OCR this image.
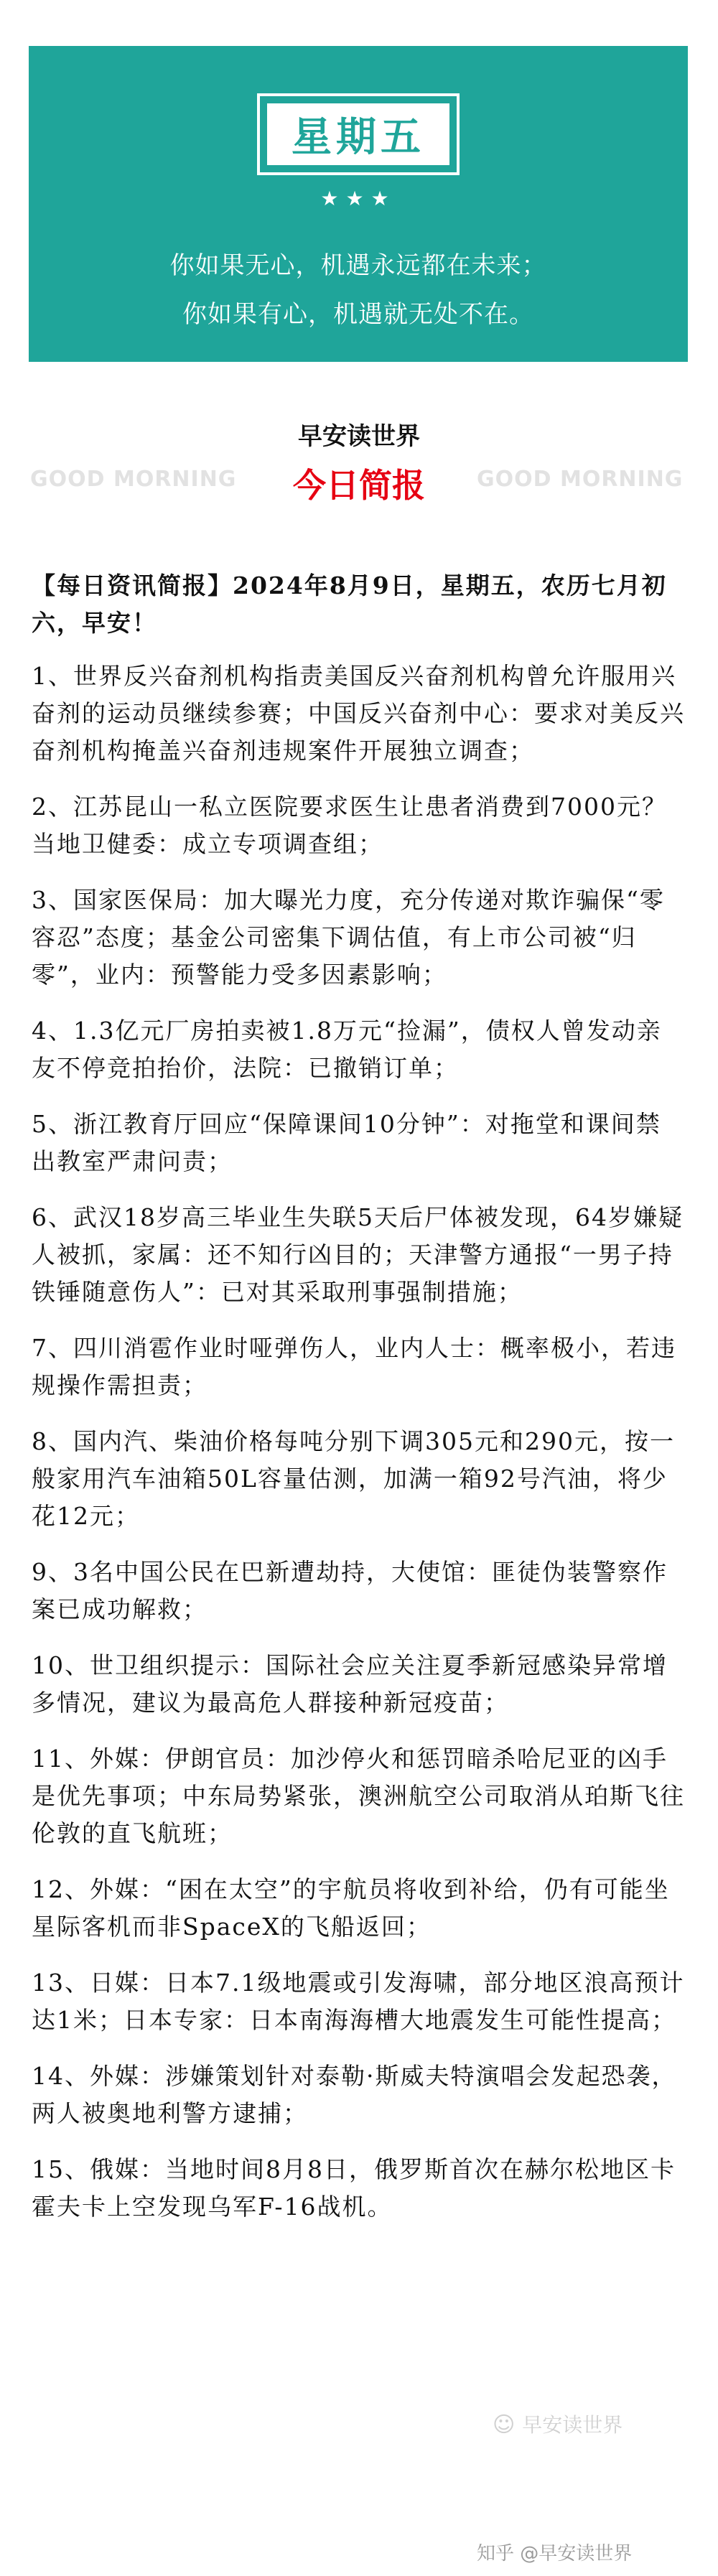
星期五
★★★
你如果无心，机遇永远都在未来；
你如果有心，机遇就无处不在。
早安读世界
GOOD MORNING	今日简报	GOOD MORNING

【每日资讯简报】2024年8月9日，星期五，农历七月初六，早安！

1、世界反兴奋剂机构指责美国反兴奋剂机构曾允许服用兴奋剂的运动员继续参赛；中国反兴奋剂中心：要求对美反兴奋剂机构掩盖兴奋剂违规案件开展独立调查；

2、江苏昆山一私立医院要求医生让患者消费到7000元？当地卫健委：成立专项调查组；

3、国家医保局：加大曝光力度，充分传递对欺诈骗保“零容忍”态度；基金公司密集下调估值，有上市公司被“归零”，业内：预警能力受多因素影响；

4、1.3亿元厂房拍卖被1.8万元“捡漏”，债权人曾发动亲友不停竞拍抬价，法院：已撤销订单；

5、浙江教育厅回应“保障课间10分钟”：对拖堂和课间禁出教室严肃问责；

6、武汉18岁高三毕业生失联5天后尸体被发现，64岁嫌疑人被抓，家属：还不知行凶目的；天津警方通报“一男子持铁锤随意伤人”：已对其采取刑事强制措施；

7、四川消雹作业时哑弹伤人，业内人士：概率极小，若违规操作需担责；

8、国内汽、柴油价格每吨分别下调305元和290元，按一般家用汽车油箱50L容量估测，加满一箱92号汽油，将少花12元；

9、3名中国公民在巴新遭劫持，大使馆：匪徒伪装警察作案已成功解救；

10、世卫组织提示：国际社会应关注夏季新冠感染异常增多情况，建议为最高危人群接种新冠疫苗；

11、外媒：伊朗官员：加沙停火和惩罚暗杀哈尼亚的凶手是优先事项；中东局势紧张，澳洲航空公司取消从珀斯飞往伦敦的直飞航班；

12、外媒：“困在太空”的宇航员将收到补给，仍有可能坐星际客机而非SpaceX的飞船返回；

13、日媒：日本7.1级地震或引发海啸，部分地区浪高预计达1米；日本专家：日本南海海槽大地震发生可能性提高；

14、外媒：涉嫌策划针对泰勒·斯威夫特演唱会发起恐袭，两人被奥地利警方逮捕；

15、俄媒：当地时间8月8日，俄罗斯首次在赫尔松地区卡霍夫卡上空发现乌军F-16战机。

☺ 早安读世界
知乎 @早安读世界
